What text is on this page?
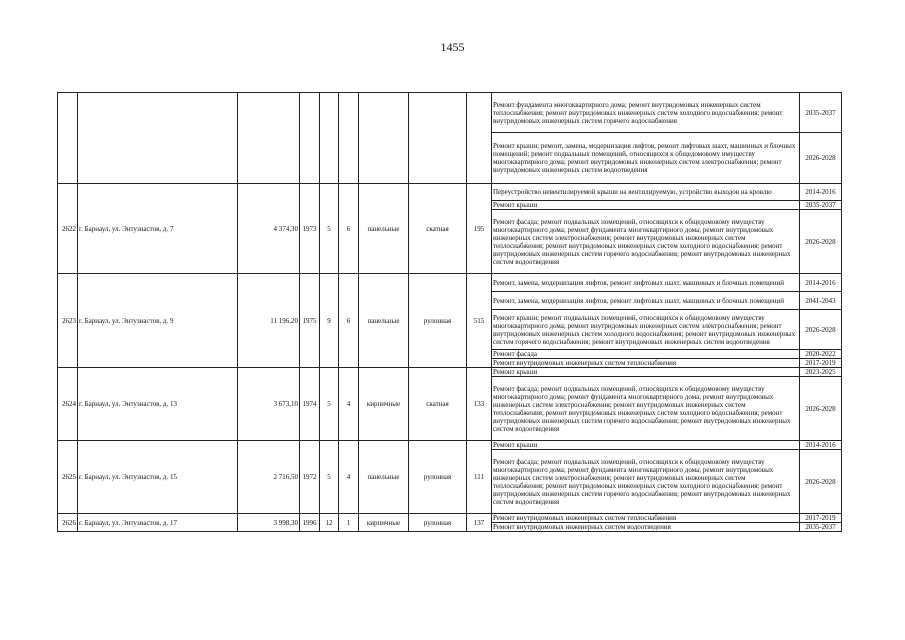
1455
									Ремонт фундамента многоквартирного дома; ремонт внутридомовых инженерных систем теплоснабжения; ремонт внутридомовых инженерных систем холодного водоснабжения; ремонт внутридомовых инженерных систем горячего водоснабжения	2035-2037
									Ремонт крыши; ремонт, замена, модернизация лифтов, ремонт лифтовых шахт, машинных и блочных помещений; ремонт подвальных помещений, относящихся к общедомовому имуществу многоквартирного дома; ремонт внутридомовых инженерных систем электроснабжения; ремонт внутридомовых инженерных систем водоотведения	2026-2028
2622	г. Барнаул, ул. Энтузиастов, д. 7	4 374,30	1973	5	6	панельные	скатная	195	Переустройство невентилируемой крыши на вентилируемую, устройство выходов на кровлю	2014-2016
									Ремонт крыши	2035-2037
									Ремонт фасада; ремонт подвальных помещений, относящихся к общедомовому имуществу многоквартирного дома; ремонт фундамента многоквартирного дома; ремонт внутридомовых инженерных систем электроснабжения; ремонт внутридомовых инженерных систем теплоснабжения; ремонт внутридомовых инженерных систем холодного водоснабжения; ремонт внутридомовых инженерных систем горячего водоснабжения; ремонт внутридомовых инженерных систем водоотведения	2026-2028
2623	г. Барнаул, ул. Энтузиастов, д. 9	11 196,20	1975	9	6	панельные	рулонная	515	Ремонт, замена, модернизация лифтов, ремонт лифтовых шахт, машинных и блочных помещений	2014-2016
									Ремонт, замена, модернизация лифтов, ремонт лифтовых шахт, машинных и блочных помещений	2041-2043
									Ремонт крыши; ремонт подвальных помещений, относящихся к общедомовому имуществу многоквартирного дома; ремонт внутридомовых инженерных систем электроснабжения; ремонт внутридомовых инженерных систем холодного водоснабжения; ремонт внутридомовых инженерных систем горячего водоснабжения; ремонт внутридомовых инженерных систем водоотведения	2026-2028
									Ремонт фасада	2020-2022
									Ремонт внутридомовых инженерных систем теплоснабжения	2017-2019
2624	г. Барнаул, ул. Энтузиастов, д. 13	3 673,10	1974	5	4	кирпичные	скатная	133	Ремонт крыши	2023-2025
									Ремонт фасада; ремонт подвальных помещений, относящихся к общедомовому имуществу многоквартирного дома; ремонт фундамента многоквартирного дома; ремонт внутридомовых инженерных систем электроснабжения; ремонт внутридомовых инженерных систем теплоснабжения; ремонт внутридомовых инженерных систем холодного водоснабжения; ремонт внутридомовых инженерных систем горячего водоснабжения; ремонт внутридомовых инженерных систем водоотведения	2026-2028
2625	г. Барнаул, ул. Энтузиастов, д. 15	2 716,50	1972	5	4	панельные	рулонная	111	Ремонт крыши	2014-2016
									Ремонт фасада; ремонт подвальных помещений, относящихся к общедомовому имуществу многоквартирного дома; ремонт фундамента многоквартирного дома; ремонт внутридомовых инженерных систем электроснабжения; ремонт внутридомовых инженерных систем теплоснабжения; ремонт внутридомовых инженерных систем холодного водоснабжения; ремонт внутридомовых инженерных систем горячего водоснабжения; ремонт внутридомовых инженерных систем водоотведения	2026-2028
2626	г. Барнаул, ул. Энтузиастов, д. 17	3 998,30	1996	12	1	кирпичные	рулонная	137	Ремонт внутридомовых инженерных систем теплоснабжения	2017-2019
									Ремонт внутридомовых инженерных систем водоотведения	2035-2037
